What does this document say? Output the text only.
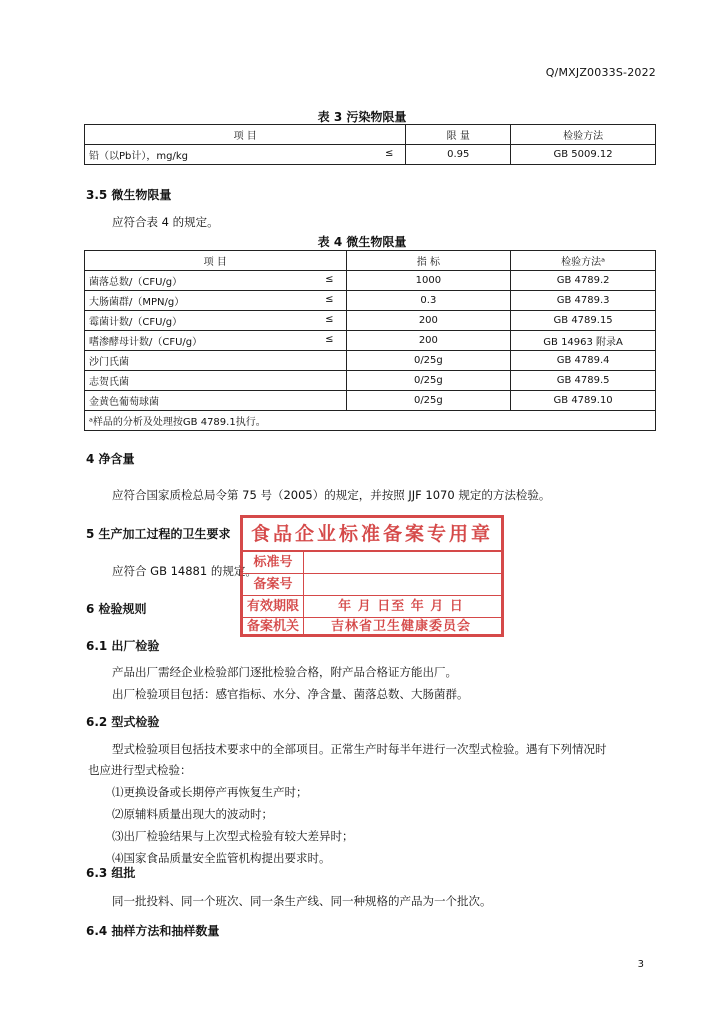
Q/MXJZ0033S-2022
表 3 污染物限量
项 目	限 量	检验方法
铅（以Pb计），mg/kg ≤	0.95	GB 5009.12
3.5 微生物限量
应符合表 4 的规定。
表 4 微生物限量
项 目	指 标	检验方法ᵃ
菌落总数/（CFU/g） ≤	1000	GB 4789.2
大肠菌群/（MPN/g） ≤	0.3	GB 4789.3
霉菌计数/（CFU/g） ≤	200	GB 4789.15
嗜渗酵母计数/（CFU/g） ≤	200	GB 14963 附录A
沙门氏菌	0/25g	GB 4789.4
志贺氏菌	0/25g	GB 4789.5
金黄色葡萄球菌	0/25g	GB 4789.10
ᵃ样品的分析及处理按GB 4789.1执行。		
4 净含量
应符合国家质检总局令第 75 号（2005）的规定，并按照 JJF 1070 规定的方法检验。
5 生产加工过程的卫生要求
应符合 GB 14881 的规定。
6 检验规则
6.1 出厂检验
产品出厂需经企业检验部门逐批检验合格，附产品合格证方能出厂。
出厂检验项目包括：感官指标、水分、净含量、菌落总数、大肠菌群。
6.2 型式检验
型式检验项目包括技术要求中的全部项目。正常生产时每半年进行一次型式检验。遇有下列情况时
也应进行型式检验：
⑴更换设备或长期停产再恢复生产时；
⑵原辅料质量出现大的波动时；
⑶出厂检验结果与上次型式检验有较大差异时；
⑷国家食品质量安全监管机构提出要求时。
6.3 组批
同一批投料、同一个班次、同一条生产线、同一种规格的产品为一个批次。
6.4 抽样方法和抽样数量
3
食品企业标准备案专用章
标准号
备案号
有效期限	年 月 日至 年 月 日
备案机关	吉林省卫生健康委员会
